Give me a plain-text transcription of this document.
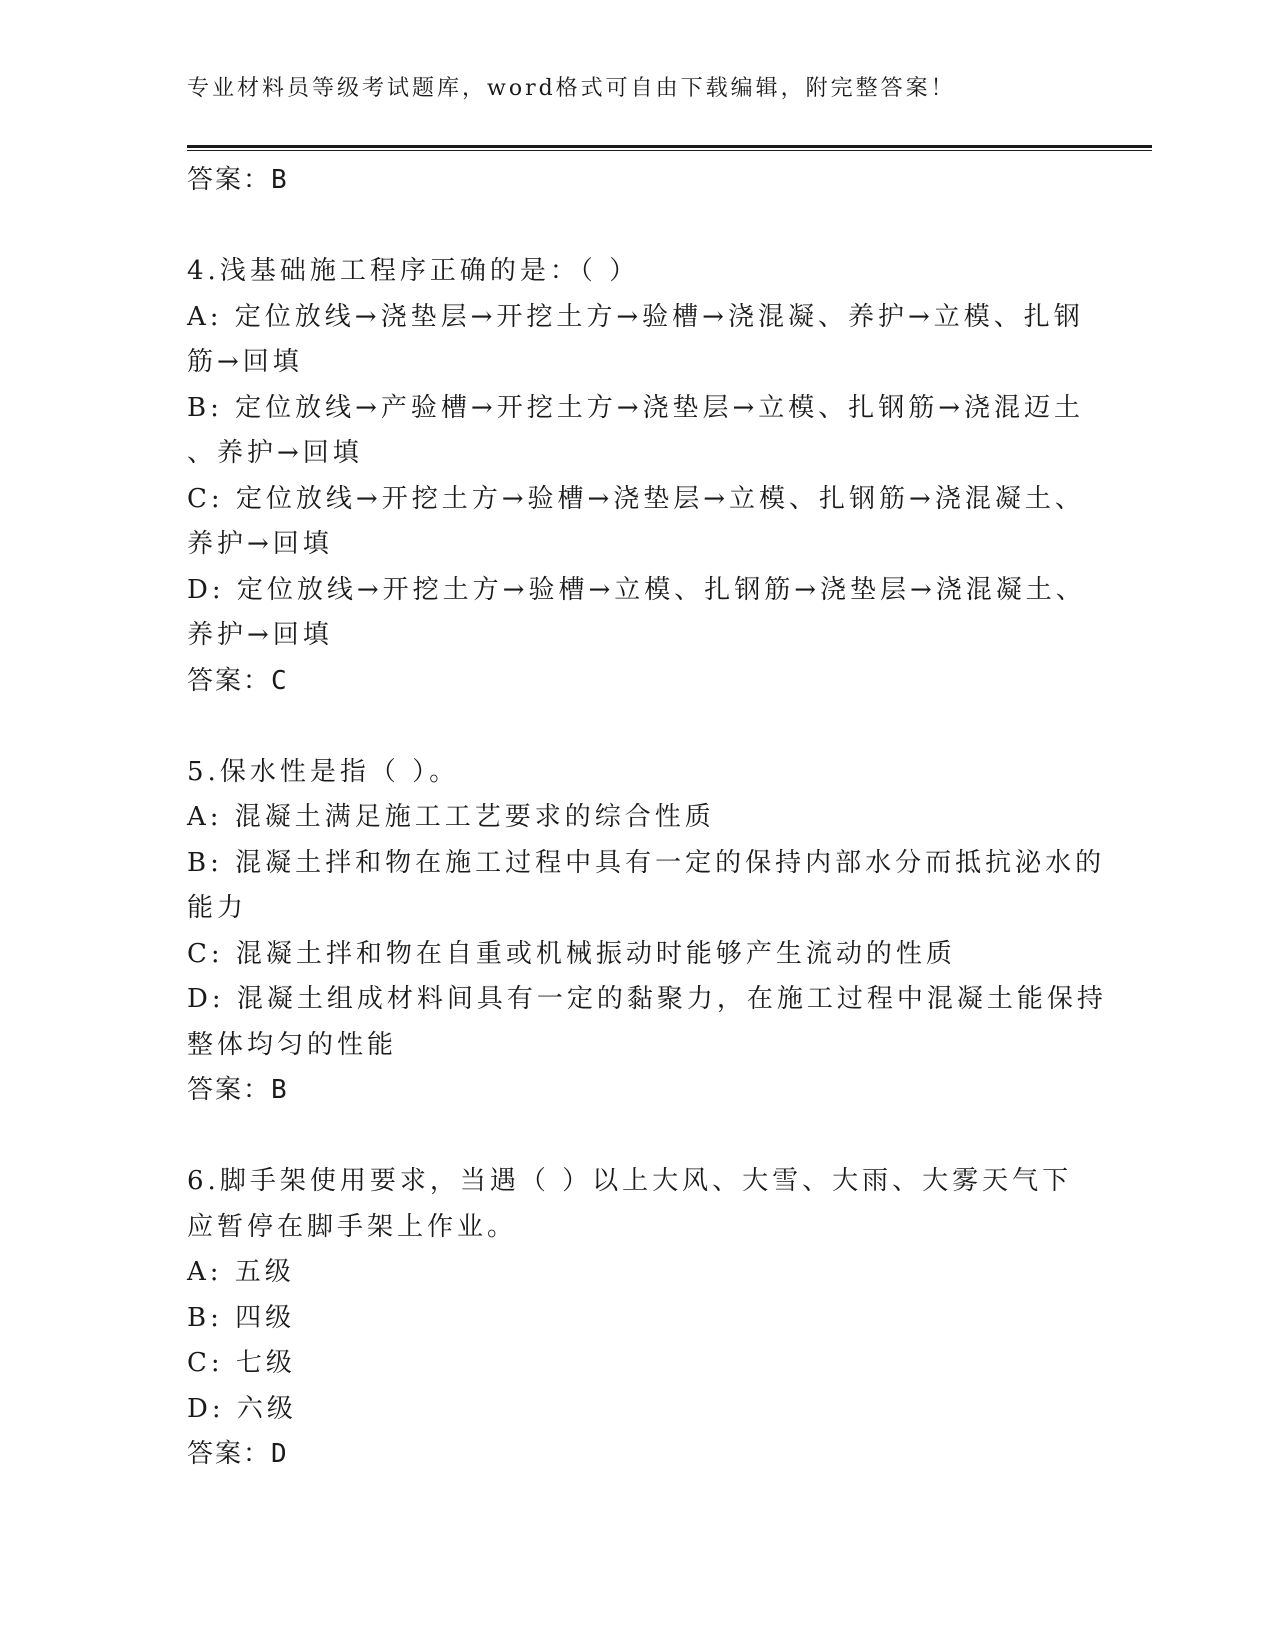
专业材料员等级考试题库，word格式可自由下载编辑，附完整答案！
答案：B
4.浅基础施工程序正确的是：（ ）
A: 定位放线→浇垫层→开挖土方→验槽→浇混凝、养护→立模、扎钢
筋→回填
B: 定位放线→产验槽→开挖土方→浇垫层→立模、扎钢筋→浇混迈土
、养护→回填
C: 定位放线→开挖土方→验槽→浇垫层→立模、扎钢筋→浇混凝土、
养护→回填
D: 定位放线→开挖土方→验槽→立模、扎钢筋→浇垫层→浇混凝土、
养护→回填
答案：C
5.保水性是指（ ）。
A: 混凝土满足施工工艺要求的综合性质
B: 混凝土拌和物在施工过程中具有一定的保持内部水分而抵抗泌水的
能力
C: 混凝土拌和物在自重或机械振动时能够产生流动的性质
D: 混凝土组成材料间具有一定的黏聚力，在施工过程中混凝土能保持
整体均匀的性能
答案：B
6.脚手架使用要求，当遇（ ）以上大风、大雪、大雨、大雾天气下
应暂停在脚手架上作业。
A: 五级
B: 四级
C: 七级
D: 六级
答案：D
